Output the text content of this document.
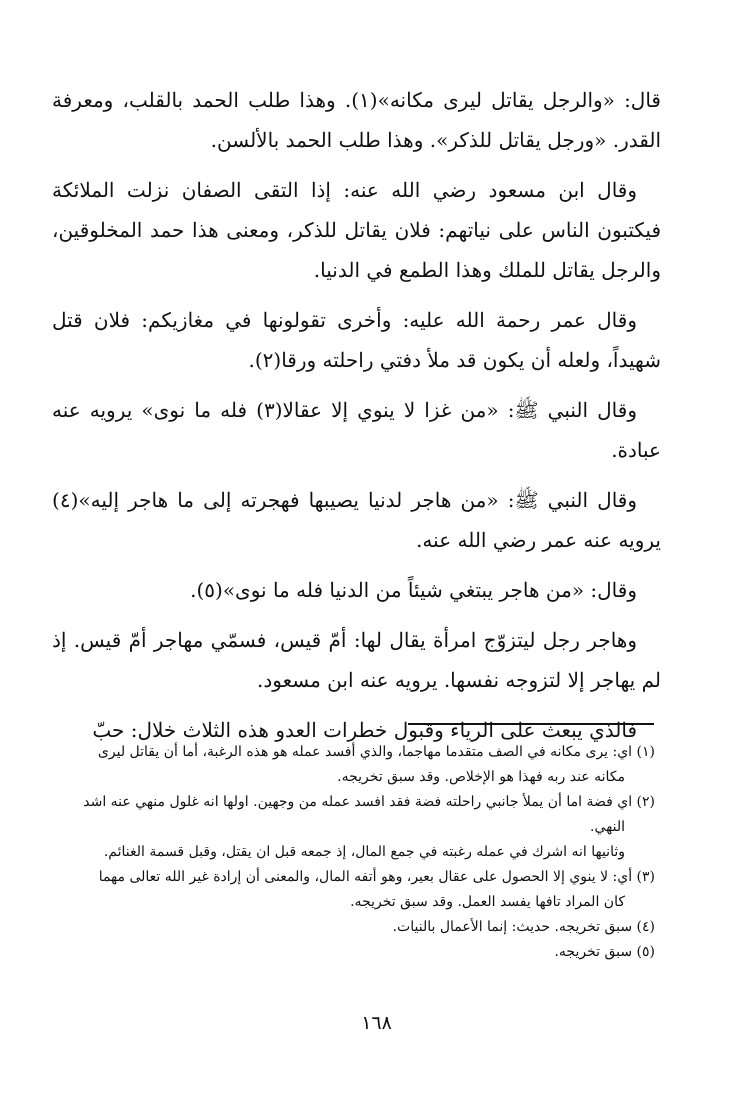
قال: «والرجل يقاتل ليرى مكانه»(١). وهذا طلب الحمد بالقلب، ومعرفة القدر. «ورجل يقاتل للذكر». وهذا طلب الحمد بالألسن.

وقال ابن مسعود رضي الله عنه: إذا التقى الصفان نزلت الملائكة فيكتبون الناس على نياتهم: فلان يقاتل للذكر، ومعنى هذا حمد المخلوقين، والرجل يقاتل للملك وهذا الطمع في الدنيا.

وقال عمر رحمة الله عليه: وأخرى تقولونها في مغازيكم: فلان قتل شهيداً، ولعله أن يكون قد ملأ دفتي راحلته ورقا(٢).

وقال النبي ﷺ: «من غزا لا ينوي إلا عقالا(٣) فله ما نوى» يرويه عنه عبادة.

وقال النبي ﷺ: «من هاجر لدنيا يصيبها فهجرته إلى ما هاجر إليه»(٤) يرويه عنه عمر رضي الله عنه.

وقال: «من هاجر يبتغي شيئاً من الدنيا فله ما نوى»(٥).

وهاجر رجل ليتزوّج امرأة يقال لها: أمّ قيس، فسمّي مهاجر أمّ قيس. إذ لم يهاجر إلا لتزوجه نفسها. يرويه عنه ابن مسعود.

فالذي يبعث على الرياء وقبول خطرات العدو هذه الثلاث خلال: حبّ

(١) اي: يرى مكانه في الصف متقدما مهاجما، والذي أفسد عمله هو هذه الرغبة، أما أن يقاتل ليرى

مكانه عند ربه فهذا هو الإخلاص. وقد سبق تخريجه.

(٢) اي فضة اما أن يملأ جانبي راحلته فضة فقد افسد عمله من وجهين. اولها انه غلول منهي عنه اشد

النهي.

وثانيها انه اشرك في عمله رغبته في جمع المال، إذ جمعه قبل ان يقتل، وقبل قسمة الغنائم.

(٣) أي: لا ينوي إلا الحصول على عقال بعير، وهو أتفه المال، والمعنى أن إرادة غير الله تعالى مهما

كان المراد تافها يفسد العمل. وقد سبق تخريجه.

(٤) سبق تخريجه. حديث: إنما الأعمال بالنيات.

(٥) سبق تخريجه.

١٦٨
